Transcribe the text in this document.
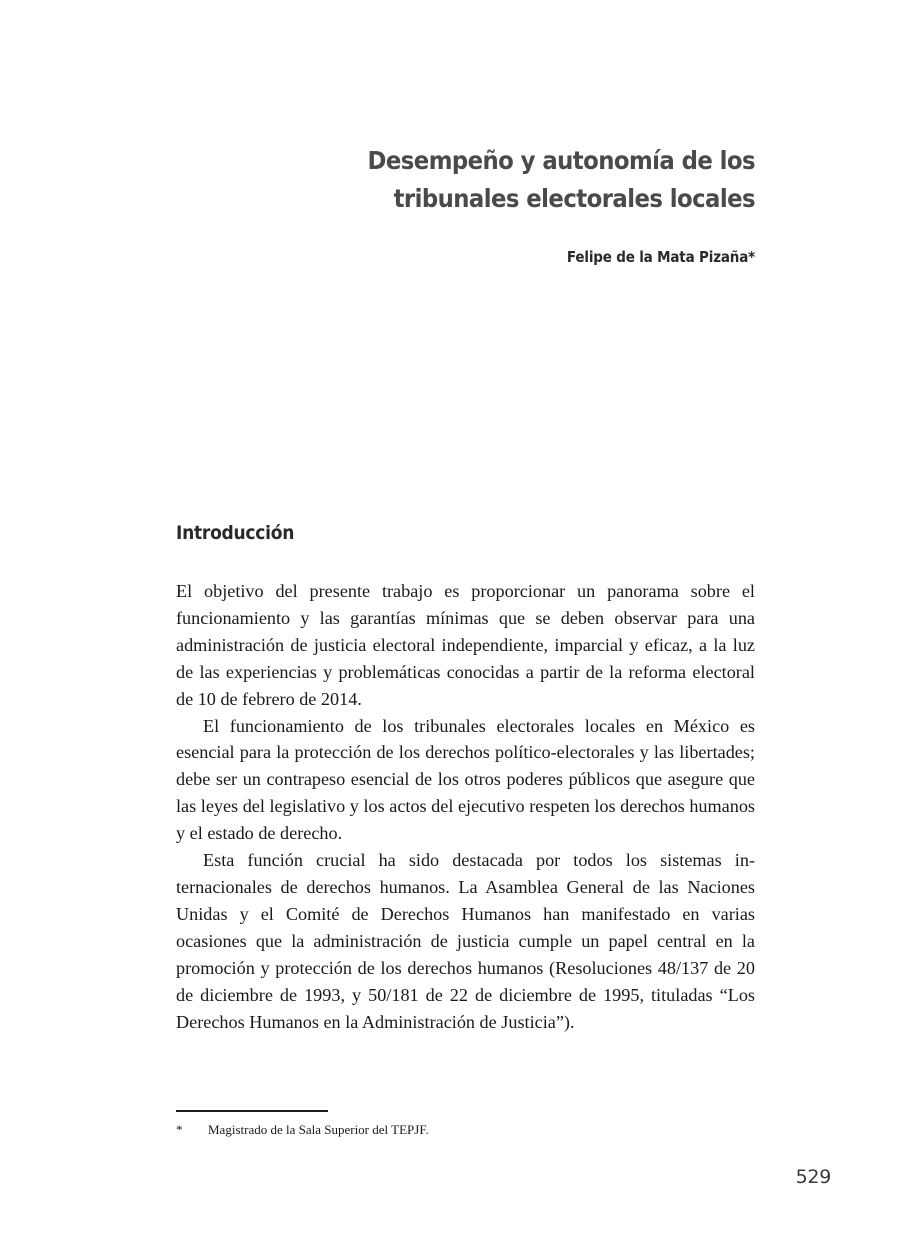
Desempeño y autonomía de los
tribunales electorales locales
Felipe de la Mata Pizaña*
Introducción

El objetivo del presente trabajo es proporcionar un panorama sobre el funcionamiento y las garantías mínimas que se deben observar para una administración de justicia electoral independiente, imparcial y eficaz, a la luz de las experiencias y problemáticas conocidas a partir de la reforma electoral de 10 de febrero de 2014.

El funcionamiento de los tribunales electorales locales en México es esencial para la protección de los derechos político-electorales y las libertades; debe ser un contrapeso esencial de los otros poderes públicos que asegure que las leyes del legislativo y los actos del ejecutivo respeten los derechos humanos y el estado de derecho.

Esta función crucial ha sido destacada por todos los sistemas internacionales de derechos humanos. La Asamblea General de las Naciones Unidas y el Comité de Derechos Humanos han manifestado en varias ocasiones que la administración de justicia cumple un papel central en la promoción y protección de los derechos humanos (Resoluciones 48/137 de 20 de diciembre de 1993, y 50/181 de 22 de diciembre de 1995, tituladas “Los Derechos Humanos en la Administración de Justicia”).

* Magistrado de la Sala Superior del TEPJF.
529
